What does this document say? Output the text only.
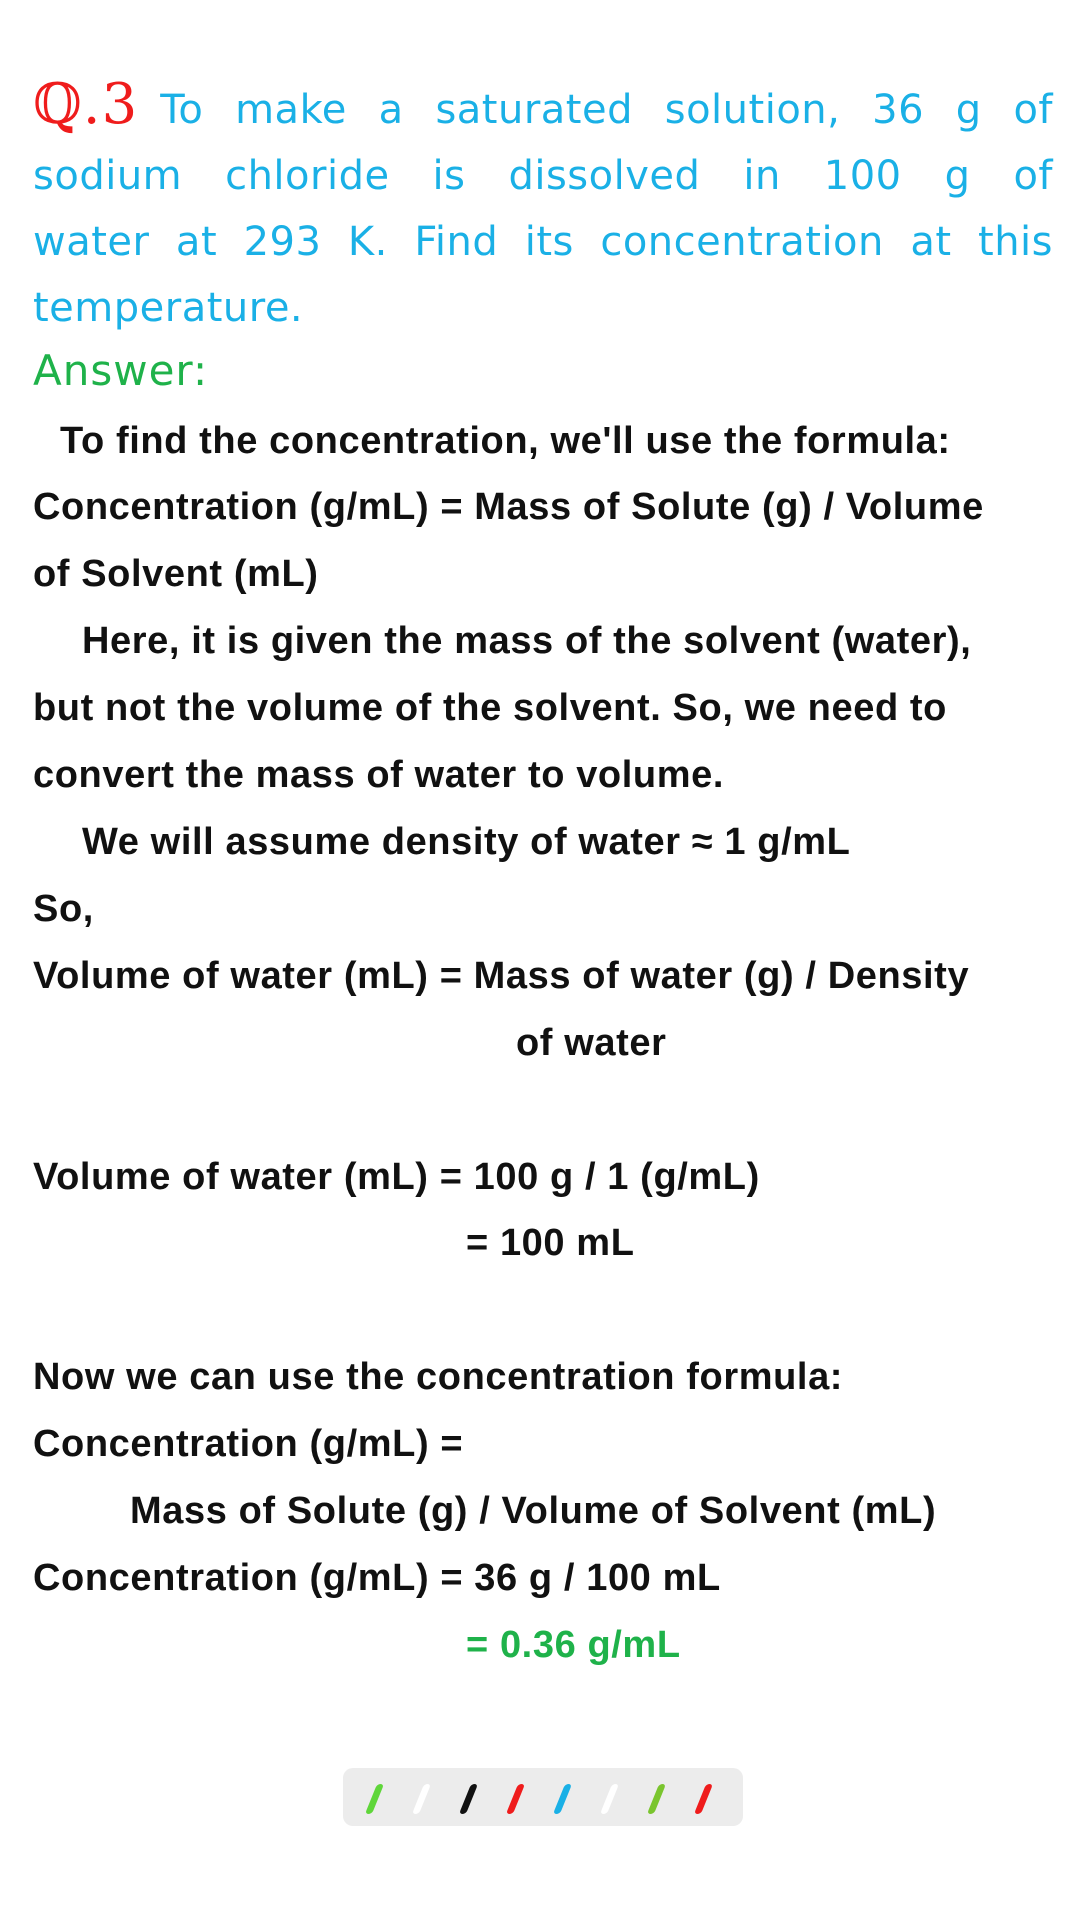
ℚ.3 To make a saturated solution, 36 g of sodium chloride is dissolved in 100 g of water at 293 K. Find its concentration at this temperature.
Answer:
To find the concentration, we'll use the formula:
Concentration (g/mL) = Mass of Solute (g) / Volume
of Solvent (mL)
Here, it is given the mass of the solvent (water),
but not the volume of the solvent. So, we need to
convert the mass of water to volume.
We will assume density of water ≈ 1 g/mL
So,
Volume of water (mL) = Mass of water (g) / Density
of water
Volume of water (mL) = 100 g / 1 (g/mL)
= 100 mL
Now we can use the concentration formula:
Concentration (g/mL) =
Mass of Solute (g) / Volume of Solvent (mL)
Concentration (g/mL) = 36 g / 100 mL
= 0.36 g/mL
